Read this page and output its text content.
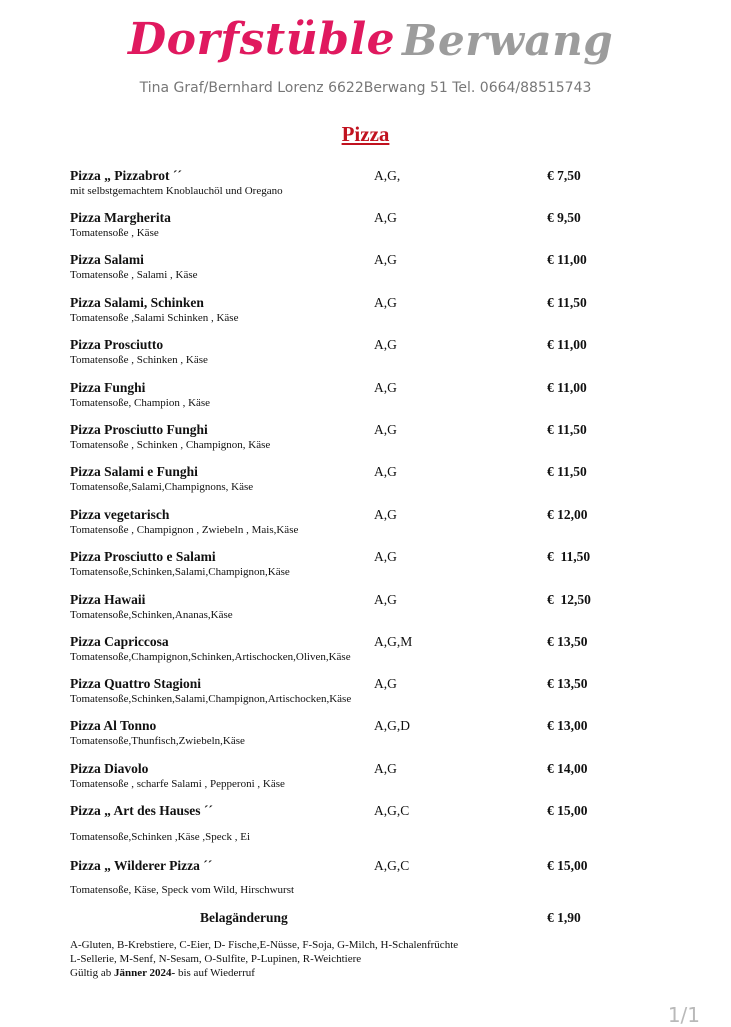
Dorfstüble Berwang
Tina Graf/Bernhard Lorenz 6622Berwang 51 Tel. 0664/88515743
Pizza
Pizza „ Pizzabrot ´´
mit selbstgemachtem Knoblauchöl und Oregano
A,G,	€ 7,50
Pizza Margherita
Tomatensoße , Käse
A,G	€ 9,50
Pizza Salami
Tomatensoße , Salami , Käse
A,G	€ 11,00
Pizza Salami, Schinken
Tomatensoße ,Salami Schinken , Käse
A,G	€ 11,50
Pizza Prosciutto
Tomatensoße , Schinken , Käse
A,G	€ 11,00
Pizza Funghi
Tomatensoße, Champion , Käse
A,G	€ 11,00
Pizza Prosciutto Funghi
Tomatensoße , Schinken , Champignon, Käse
A,G	€ 11,50
Pizza Salami e Funghi
Tomatensoße,Salami,Champignons, Käse
A,G	€ 11,50
Pizza vegetarisch
Tomatensoße , Champignon , Zwiebeln , Mais,Käse
A,G	€ 12,00
Pizza Prosciutto e Salami
Tomatensoße,Schinken,Salami,Champignon,Käse
A,G	€  11,50
Pizza Hawaii
Tomatensoße,Schinken,Ananas,Käse
A,G	€  12,50
Pizza Capriccosa
Tomatensoße,Champignon,Schinken,Artischocken,Oliven,Käse
A,G,M	€ 13,50
Pizza Quattro Stagioni
Tomatensoße,Schinken,Salami,Champignon,Artischocken,Käse
A,G	€ 13,50
Pizza Al Tonno
Tomatensoße,Thunfisch,Zwiebeln,Käse
A,G,D	€ 13,00
Pizza Diavolo
Tomatensoße , scharfe Salami , Pepperoni , Käse
A,G	€ 14,00
Pizza „ Art des Hauses ´´
Tomatensoße,Schinken ,Käse ,Speck , Ei
A,G,C	€ 15,00
Pizza „ Wilderer Pizza ´´
Tomatensoße, Käse, Speck vom Wild, Hirschwurst
A,G,C	€ 15,00
Belagänderung	€ 1,90
A-Gluten, B-Krebstiere, C-Eier, D- Fische,E-Nüsse, F-Soja, G-Milch, H-Schalenfrüchte
L-Sellerie, M-Senf, N-Sesam, O-Sulfite, P-Lupinen, R-Weichtiere
Gültig ab Jänner 2024- bis auf Wiederruf
1/1
